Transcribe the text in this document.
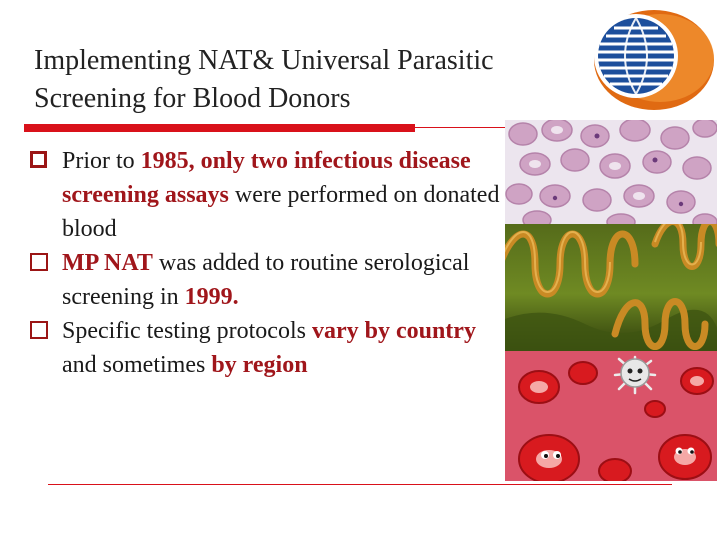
Implementing NAT& Universal Parasitic
Screening for Blood Donors
Prior to 1985, only two infectious disease screening assays were performed on donated blood
MP NAT was added to routine serological screening in 1999.
Specific testing protocols vary by country and sometimes by region
